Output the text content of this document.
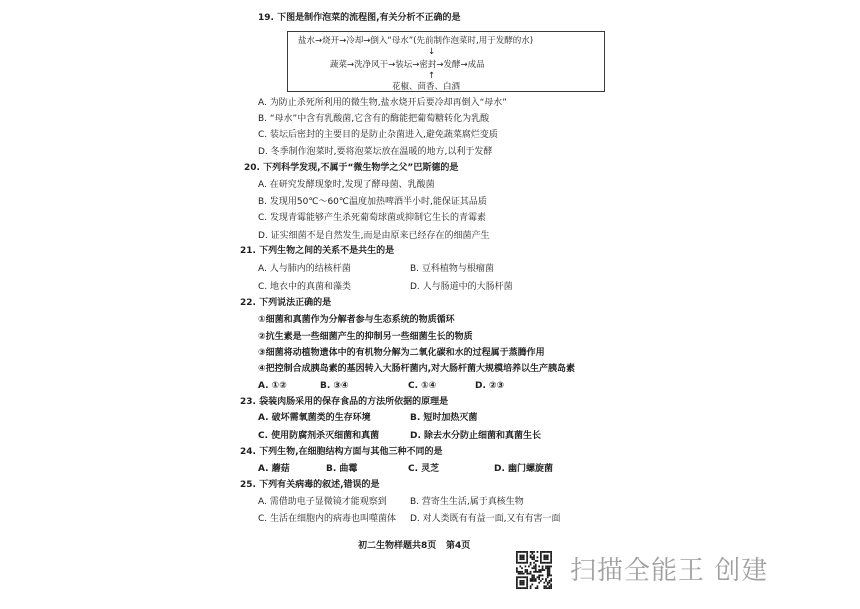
19. 下图是制作泡菜的流程图,有关分析不正确的是
盐水→烧开→冷却→倒入“母水”(先前制作泡菜时,用于发酵的水)
↓
蔬菜→洗净风干→装坛→密封→发酵→成品
↑
花椒、茴香、白酒
A. 为防止杀死所利用的微生物,盐水烧开后要冷却再倒入“母水”
B. “母水”中含有乳酸菌,它含有的酶能把葡萄糖转化为乳酸
C. 装坛后密封的主要目的是防止杂菌进入,避免蔬菜腐烂变质
D. 冬季制作泡菜时,要将泡菜坛放在温暖的地方,以利于发酵
20. 下列科学发现,不属于“微生物学之父”巴斯德的是
A. 在研究发酵现象时,发现了酵母菌、乳酸菌
B. 发现用50℃～60℃温度加热啤酒半小时,能保证其品质
C. 发现青霉能够产生杀死葡萄球菌或抑制它生长的青霉素
D. 证实细菌不是自然发生,而是由原来已经存在的细菌产生
21. 下列生物之间的关系不是共生的是
A. 人与肺内的结核杆菌	B. 豆科植物与根瘤菌
C. 地衣中的真菌和藻类	D. 人与肠道中的大肠杆菌
22. 下列说法正确的是
①细菌和真菌作为分解者参与生态系统的物质循环
②抗生素是一些细菌产生的抑制另一些细菌生长的物质
③细菌将动植物遗体中的有机物分解为二氧化碳和水的过程属于蒸腾作用
④把控制合成胰岛素的基因转入大肠杆菌内,对大肠杆菌大规模培养以生产胰岛素
A. ①②	B. ③④	C. ①④	D. ②③
23. 袋装肉肠采用的保存食品的方法所依据的原理是
A. 破坏需氧菌类的生存环境	B. 短时加热灭菌
C. 使用防腐剂杀灭细菌和真菌	D. 除去水分防止细菌和真菌生长
24. 下列生物,在细胞结构方面与其他三种不同的是
A. 蘑菇	B. 曲霉	C. 灵芝	D. 幽门螺旋菌
25. 下列有关病毒的叙述,错误的是
A. 需借助电子显微镜才能观察到	B. 营寄生生活,属于真核生物
C. 生活在细胞内的病毒也叫噬菌体 D. 对人类既有有益一面,又有有害一面
初二生物样题共8页 第4页
扫描全能王 创建
